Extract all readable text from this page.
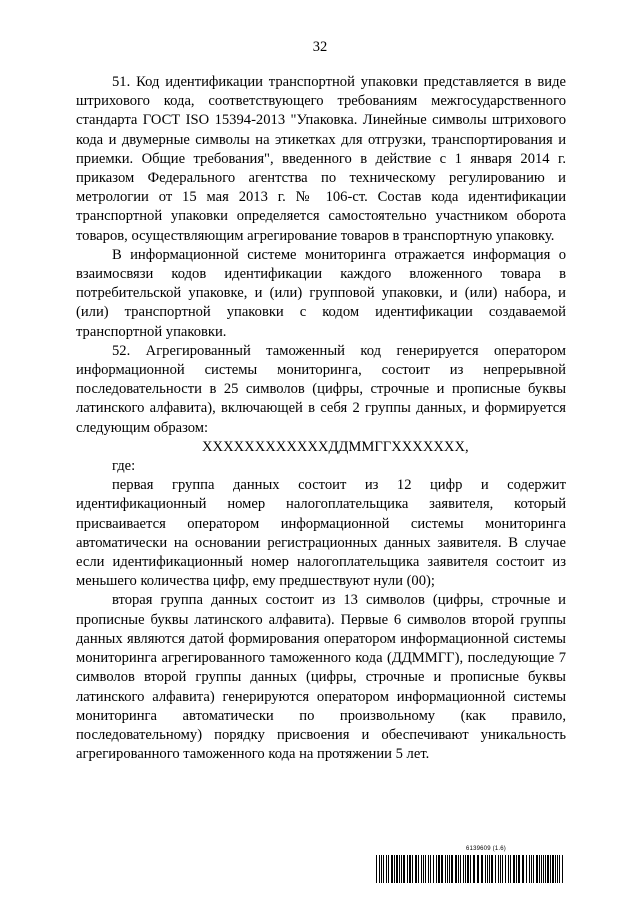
32

51. Код идентификации транспортной упаковки представляется в виде штрихового кода, соответствующего требованиям межгосударственного стандарта ГОСТ ISO 15394-2013 "Упаковка. Линейные символы штрихового кода и двумерные символы на этикетках для отгрузки, транспортирования и приемки. Общие требования", введенного в действие с 1 января 2014 г. приказом Федерального агентства по техническому регулированию и метрологии от 15 мая 2013 г. № 106-ст. Состав кода идентификации транспортной упаковки определяется самостоятельно участником оборота товаров, осуществляющим агрегирование товаров в транспортную упаковку.

В информационной системе мониторинга отражается информация о взаимосвязи кодов идентификации каждого вложенного товара в потребительской упаковке, и (или) групповой упаковки, и (или) набора, и (или) транспортной упаковки с кодом идентификации создаваемой транспортной упаковки.

52. Агрегированный таможенный код генерируется оператором информационной системы мониторинга, состоит из непрерывной последовательности в 25 символов (цифры, строчные и прописные буквы латинского алфавита), включающей в себя 2 группы данных, и формируется следующим образом:

ХХХХХХХХХХХХДДММГГХХХХХХХ,

где:

первая группа данных состоит из 12 цифр и содержит идентификационный номер налогоплательщика заявителя, который присваивается оператором информационной системы мониторинга автоматически на основании регистрационных данных заявителя. В случае если идентификационный номер налогоплательщика заявителя состоит из меньшего количества цифр, ему предшествуют нули (00);

вторая группа данных состоит из 13 символов (цифры, строчные и прописные буквы латинского алфавита). Первые 6 символов второй группы данных являются датой формирования оператором информационной системы мониторинга агрегированного таможенного кода (ДДММГГ), последующие 7 символов второй группы данных (цифры, строчные и прописные буквы латинского алфавита) генерируются оператором информационной системы мониторинга автоматически по произвольному (как правило, последовательному) порядку присвоения и обеспечивают уникальность агрегированного таможенного кода на протяжении 5 лет.

6139609 (1.6)
